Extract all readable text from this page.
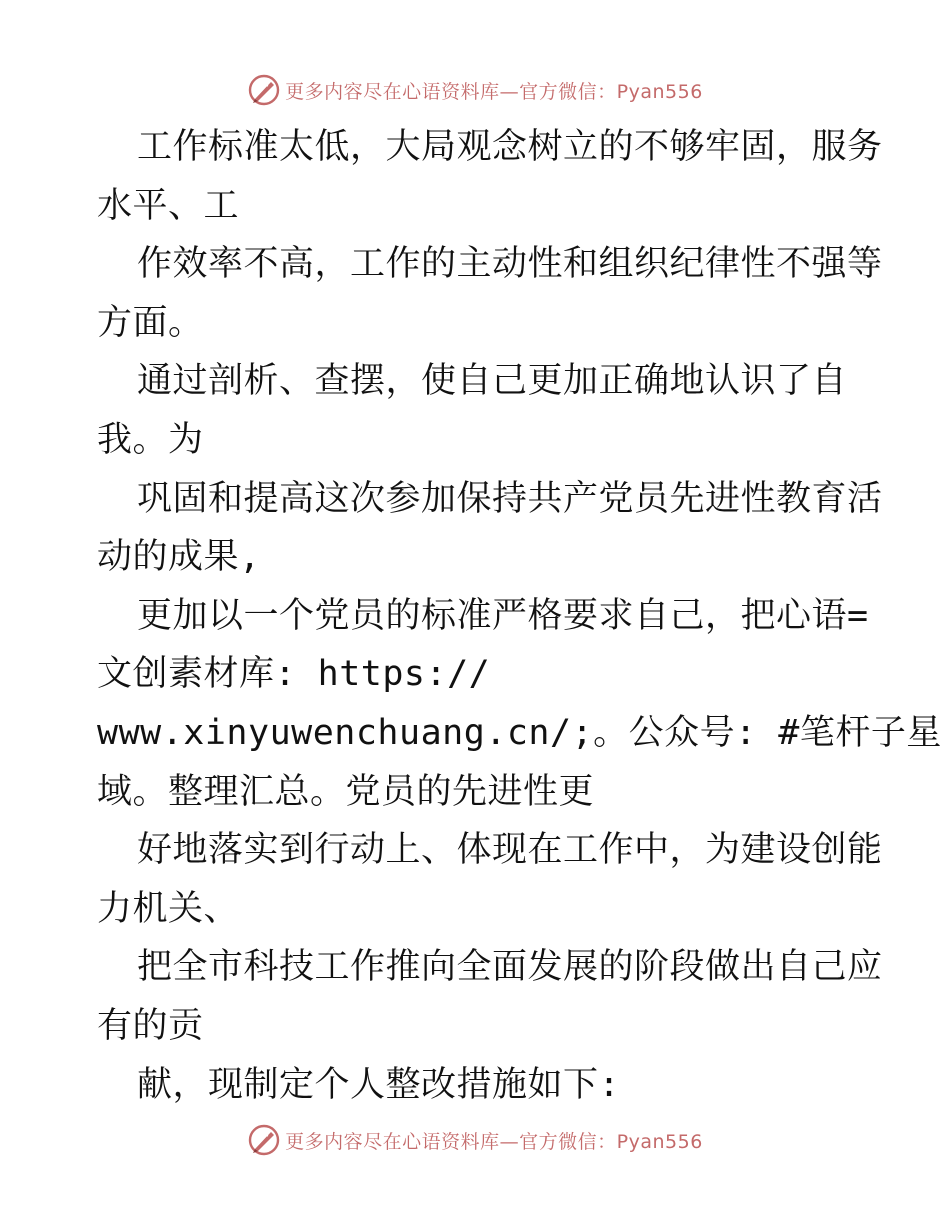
更多内容尽在心语资料库—官方微信： Pyan556
工作标准太低，大局观念树立的不够牢固，服务
水平、工
作效率不高，工作的主动性和组织纪律性不强等
方面。
通过剖析、查摆，使自己更加正确地认识了自
我。为
巩固和提高这次参加保持共产党员先进性教育活
动的成果,
更加以一个党员的标准严格要求自己，把心语=
文创素材库: https://
www.xinyuwenchuang.cn/;。公众号: #笔杆子星
域。整理汇总。党员的先进性更
好地落实到行动上、体现在工作中，为建设创能
力机关、
把全市科技工作推向全面发展的阶段做出自己应
有的贡
献，现制定个人整改措施如下:
更多内容尽在心语资料库—官方微信： Pyan556
